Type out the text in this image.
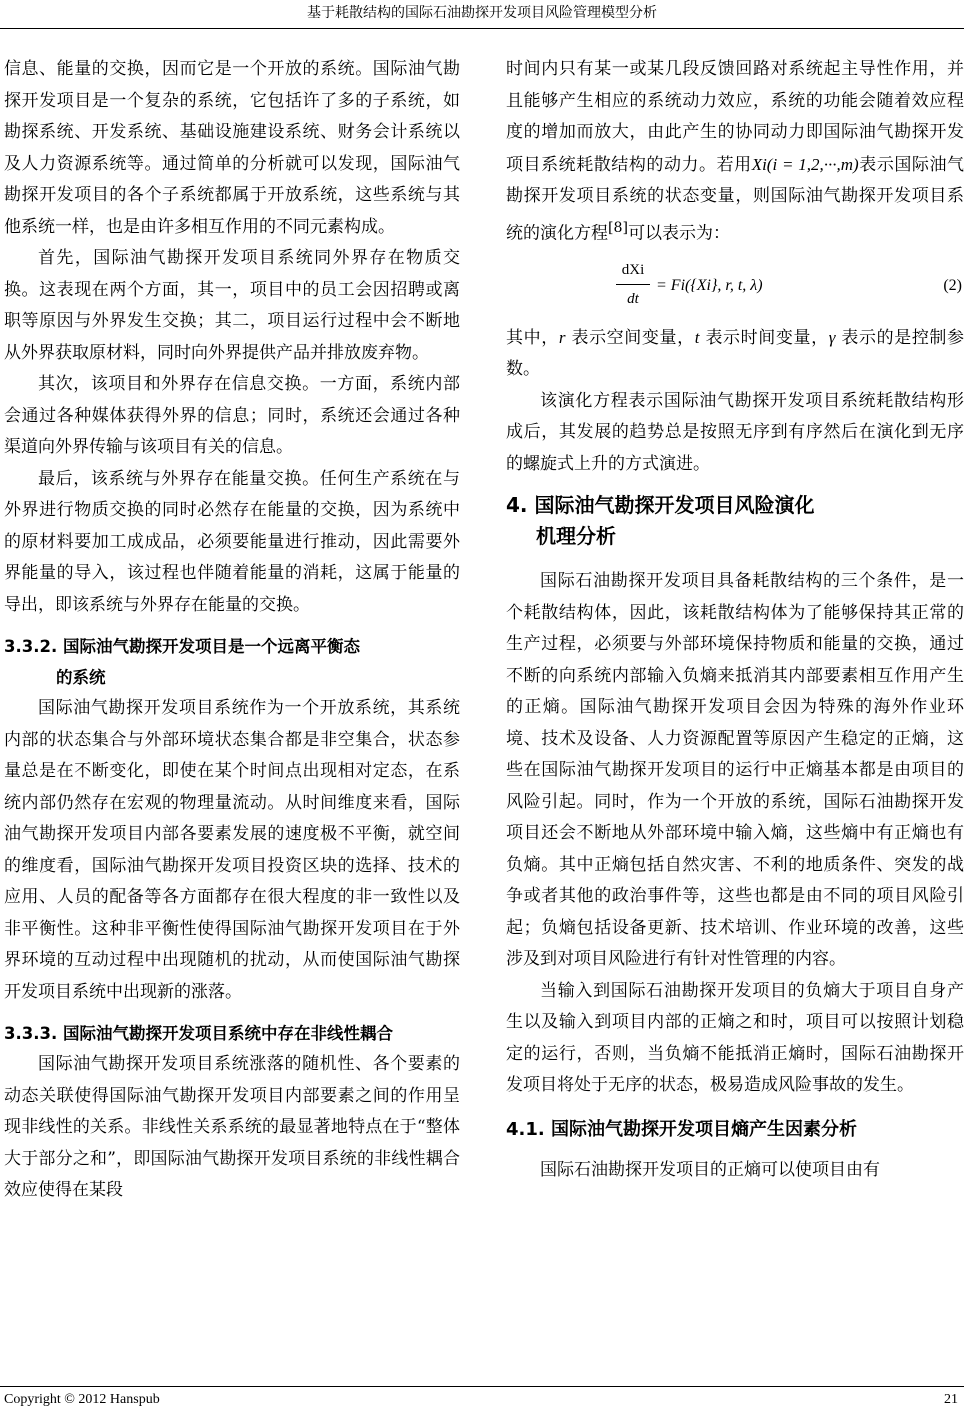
基于耗散结构的国际石油勘探开发项目风险管理模型分析

信息、能量的交换，因而它是一个开放的系统。国际油气勘探开发项目是一个复杂的系统，它包括许了多的子系统，如勘探系统、开发系统、基础设施建设系统、财务会计系统以及人力资源系统等。通过简单的分析就可以发现，国际油气勘探开发项目的各个子系统都属于开放系统，这些系统与其他系统一样，也是由许多相互作用的不同元素构成。

首先，国际油气勘探开发项目系统同外界存在物质交换。这表现在两个方面，其一，项目中的员工会因招聘或离职等原因与外界发生交换；其二，项目运行过程中会不断地从外界获取原材料，同时向外界提供产品并排放废弃物。

其次，该项目和外界存在信息交换。一方面，系统内部会通过各种媒体获得外界的信息；同时，系统还会通过各种渠道向外界传输与该项目有关的信息。

最后，该系统与外界存在能量交换。任何生产系统在与外界进行物质交换的同时必然存在能量的交换，因为系统中的原材料要加工成成品，必须要能量进行推动，因此需要外界能量的导入，该过程也伴随着能量的消耗，这属于能量的导出，即该系统与外界存在能量的交换。

3.3.2. 国际油气勘探开发项目是一个远离平衡态
的系统

国际油气勘探开发项目系统作为一个开放系统，其系统内部的状态集合与外部环境状态集合都是非空集合，状态参量总是在不断变化，即使在某个时间点出现相对定态，在系统内部仍然存在宏观的物理量流动。从时间维度来看，国际油气勘探开发项目内部各要素发展的速度极不平衡，就空间的维度看，国际油气勘探开发项目投资区块的选择、技术的应用、人员的配备等各方面都存在很大程度的非一致性以及非平衡性。这种非平衡性使得国际油气勘探开发项目在于外界环境的互动过程中出现随机的扰动，从而使国际油气勘探开发项目系统中出现新的涨落。

3.3.3. 国际油气勘探开发项目系统中存在非线性耦合

国际油气勘探开发项目系统涨落的随机性、各个要素的动态关联使得国际油气勘探开发项目内部要素之间的作用呈现非线性的关系。非线性关系系统的最显著地特点在于“整体大于部分之和”，即国际油气勘探开发项目系统的非线性耦合效应使得在某段

时间内只有某一或某几段反馈回路对系统起主导性作用，并且能够产生相应的系统动力效应，系统的功能会随着效应程度的增加而放大，由此产生的协同动力即国际油气勘探开发项目系统耗散结构的动力。若用Xi(i = 1,2,···,m)表示国际油气勘探开发项目系统的状态变量，则国际油气勘探开发项目系统的演化方程[8]可以表示为：

dXi
dt
= Fi({Xi}, r, t, λ)	(2)

其中，r 表示空间变量，t 表示时间变量，γ 表示的是控制参数。

该演化方程表示国际油气勘探开发项目系统耗散结构形成后，其发展的趋势总是按照无序到有序然后在演化到无序的螺旋式上升的方式演进。

4. 国际油气勘探开发项目风险演化
机理分析

国际石油勘探开发项目具备耗散结构的三个条件，是一个耗散结构体，因此，该耗散结构体为了能够保持其正常的生产过程，必须要与外部环境保持物质和能量的交换，通过不断的向系统内部输入负熵来抵消其内部要素相互作用产生的正熵。国际油气勘探开发项目会因为特殊的海外作业环境、技术及设备、人力资源配置等原因产生稳定的正熵，这些在国际油气勘探开发项目的运行中正熵基本都是由项目的风险引起。同时，作为一个开放的系统，国际石油勘探开发项目还会不断地从外部环境中输入熵，这些熵中有正熵也有负熵。其中正熵包括自然灾害、不利的地质条件、突发的战争或者其他的政治事件等，这些也都是由不同的项目风险引起；负熵包括设备更新、技术培训、作业环境的改善，这些涉及到对项目风险进行有针对性管理的内容。

当输入到国际石油勘探开发项目的负熵大于项目自身产生以及输入到项目内部的正熵之和时，项目可以按照计划稳定的运行，否则，当负熵不能抵消正熵时，国际石油勘探开发项目将处于无序的状态，极易造成风险事故的发生。

4.1. 国际油气勘探开发项目熵产生因素分析

国际石油勘探开发项目的正熵可以使项目由有

Copyright © 2012 Hanspub	21
